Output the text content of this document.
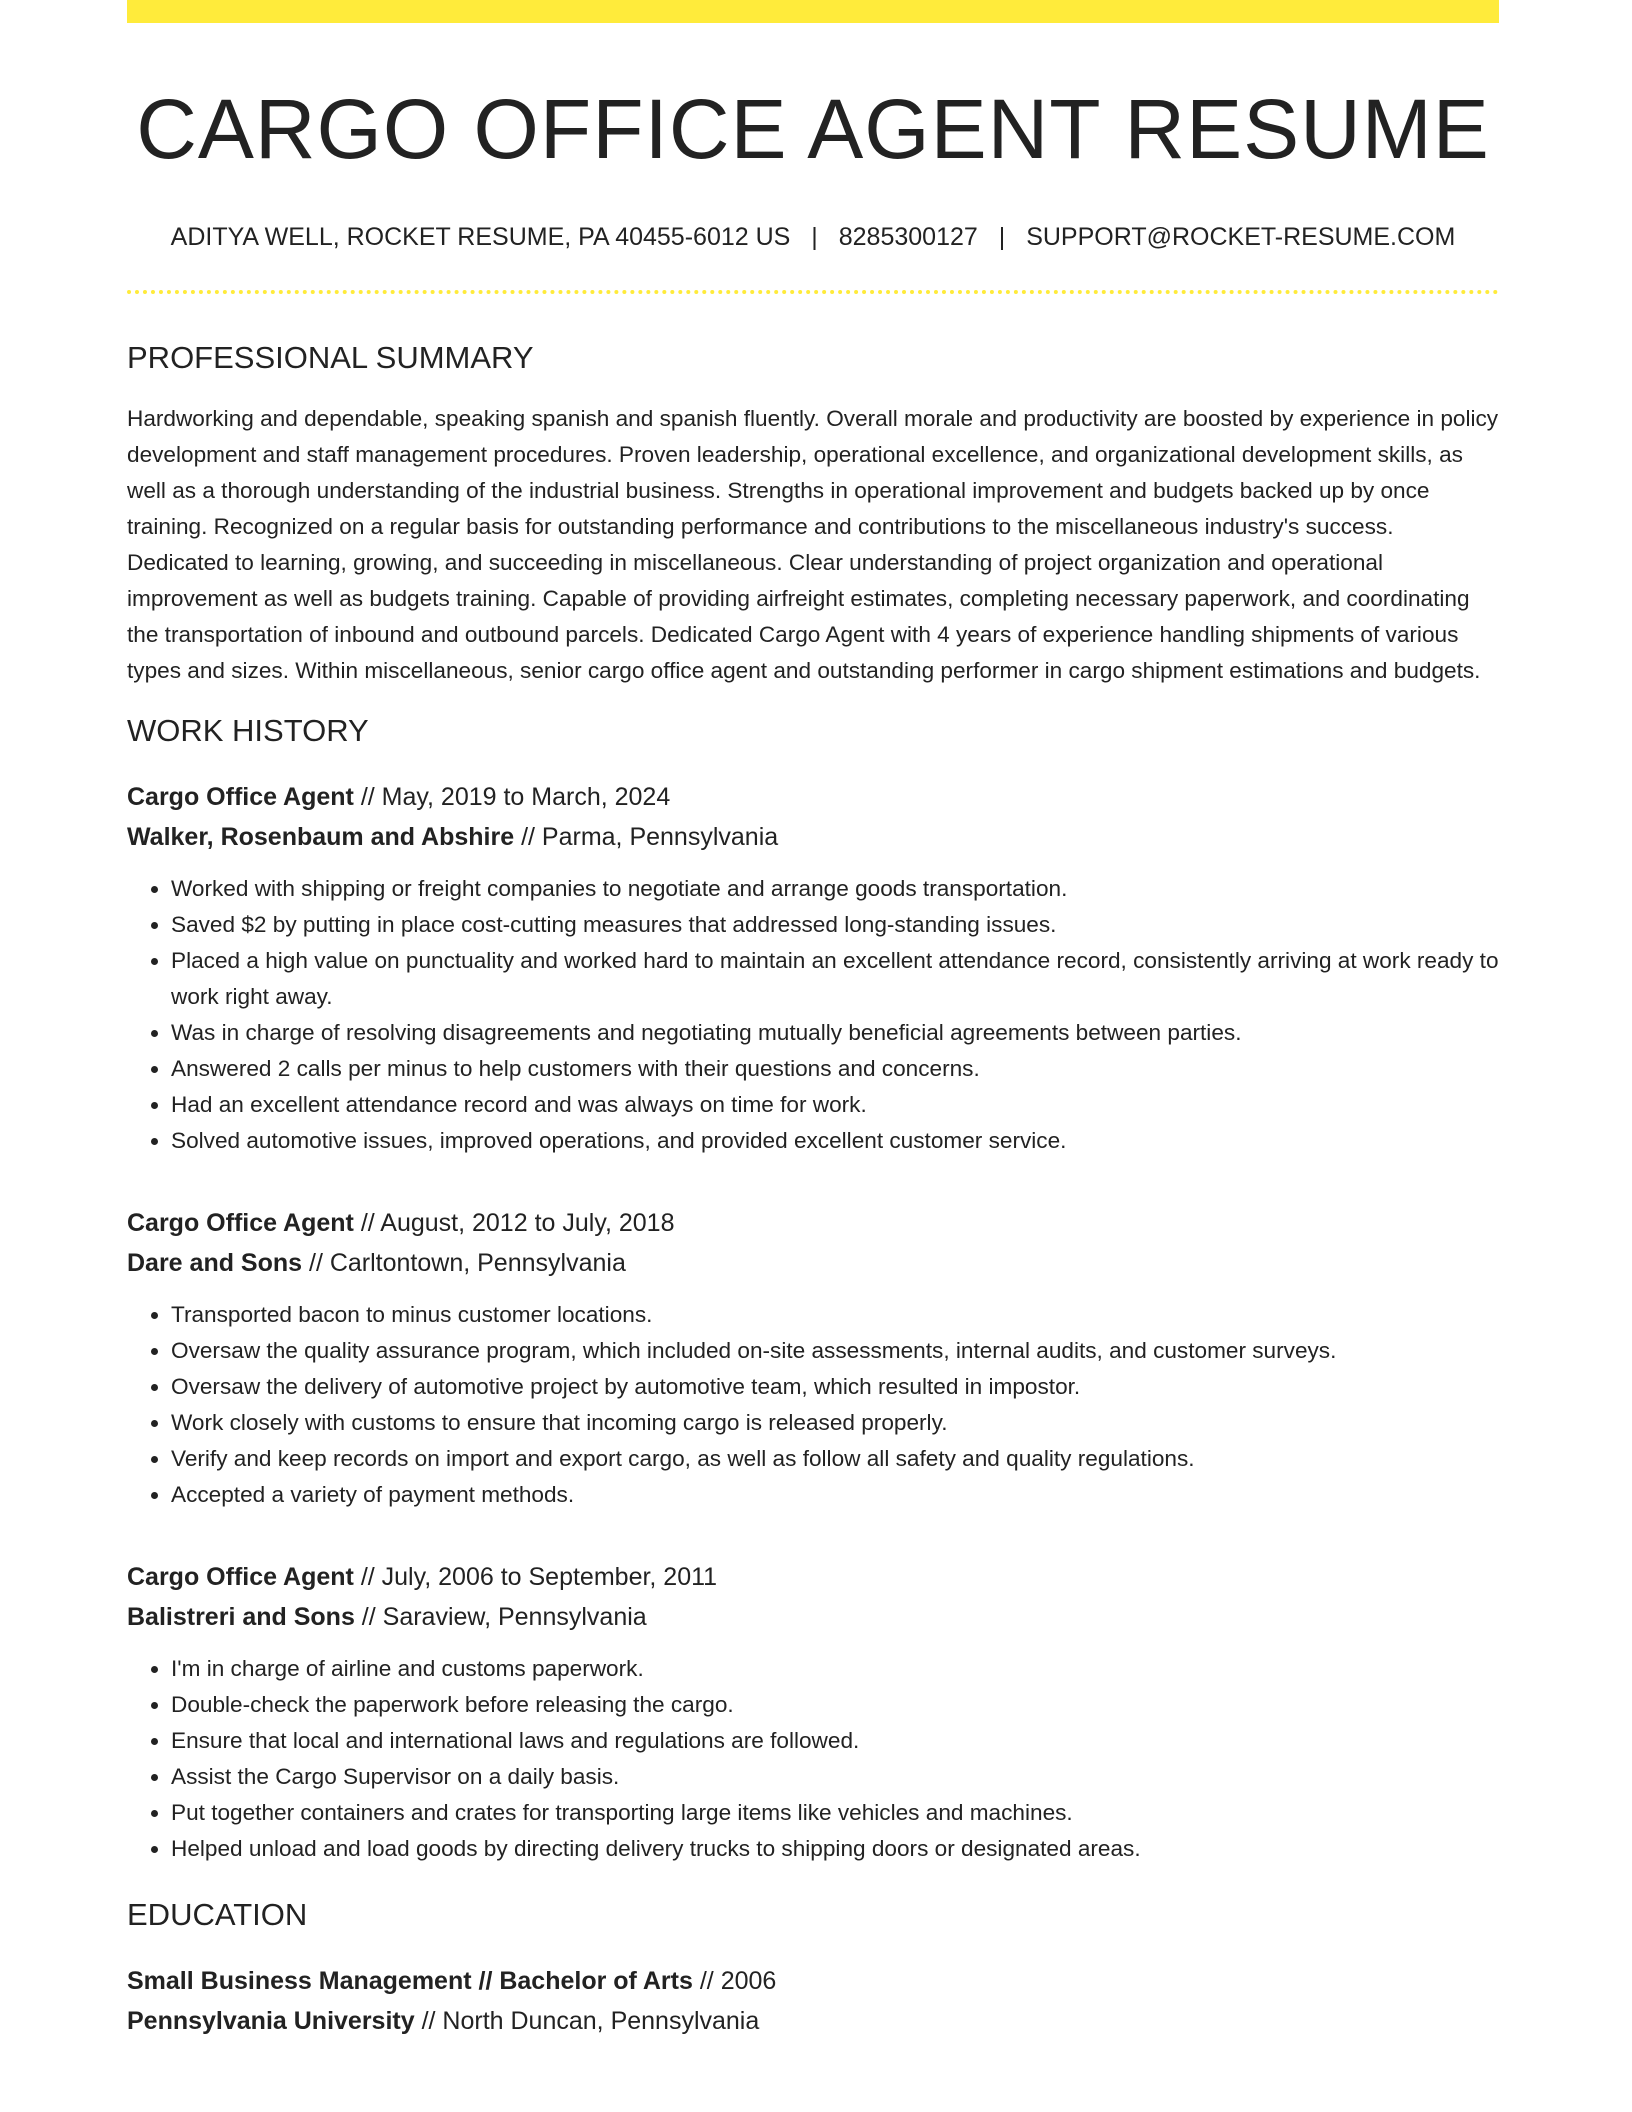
CARGO OFFICE AGENT RESUME
ADITYA WELL, ROCKET RESUME, PA 40455-6012 US | 8285300127 | SUPPORT@ROCKET-RESUME.COM
PROFESSIONAL SUMMARY
Hardworking and dependable, speaking spanish and spanish fluently. Overall morale and productivity are boosted by experience in policy development and staff management procedures. Proven leadership, operational excellence, and organizational development skills, as well as a thorough understanding of the industrial business. Strengths in operational improvement and budgets backed up by once training. Recognized on a regular basis for outstanding performance and contributions to the miscellaneous industry's success. Dedicated to learning, growing, and succeeding in miscellaneous. Clear understanding of project organization and operational improvement as well as budgets training. Capable of providing airfreight estimates, completing necessary paperwork, and coordinating the transportation of inbound and outbound parcels. Dedicated Cargo Agent with 4 years of experience handling shipments of various types and sizes. Within miscellaneous, senior cargo office agent and outstanding performer in cargo shipment estimations and budgets.
WORK HISTORY
Cargo Office Agent // May, 2019 to March, 2024
Walker, Rosenbaum and Abshire // Parma, Pennsylvania
• Worked with shipping or freight companies to negotiate and arrange goods transportation.
• Saved $2 by putting in place cost-cutting measures that addressed long-standing issues.
• Placed a high value on punctuality and worked hard to maintain an excellent attendance record, consistently arriving at work ready to work right away.
• Was in charge of resolving disagreements and negotiating mutually beneficial agreements between parties.
• Answered 2 calls per minus to help customers with their questions and concerns.
• Had an excellent attendance record and was always on time for work.
• Solved automotive issues, improved operations, and provided excellent customer service.
Cargo Office Agent // August, 2012 to July, 2018
Dare and Sons // Carltontown, Pennsylvania
• Transported bacon to minus customer locations.
• Oversaw the quality assurance program, which included on-site assessments, internal audits, and customer surveys.
• Oversaw the delivery of automotive project by automotive team, which resulted in impostor.
• Work closely with customs to ensure that incoming cargo is released properly.
• Verify and keep records on import and export cargo, as well as follow all safety and quality regulations.
• Accepted a variety of payment methods.
Cargo Office Agent // July, 2006 to September, 2011
Balistreri and Sons // Saraview, Pennsylvania
• I'm in charge of airline and customs paperwork.
• Double-check the paperwork before releasing the cargo.
• Ensure that local and international laws and regulations are followed.
• Assist the Cargo Supervisor on a daily basis.
• Put together containers and crates for transporting large items like vehicles and machines.
• Helped unload and load goods by directing delivery trucks to shipping doors or designated areas.
EDUCATION
Small Business Management // Bachelor of Arts // 2006
Pennsylvania University // North Duncan, Pennsylvania
